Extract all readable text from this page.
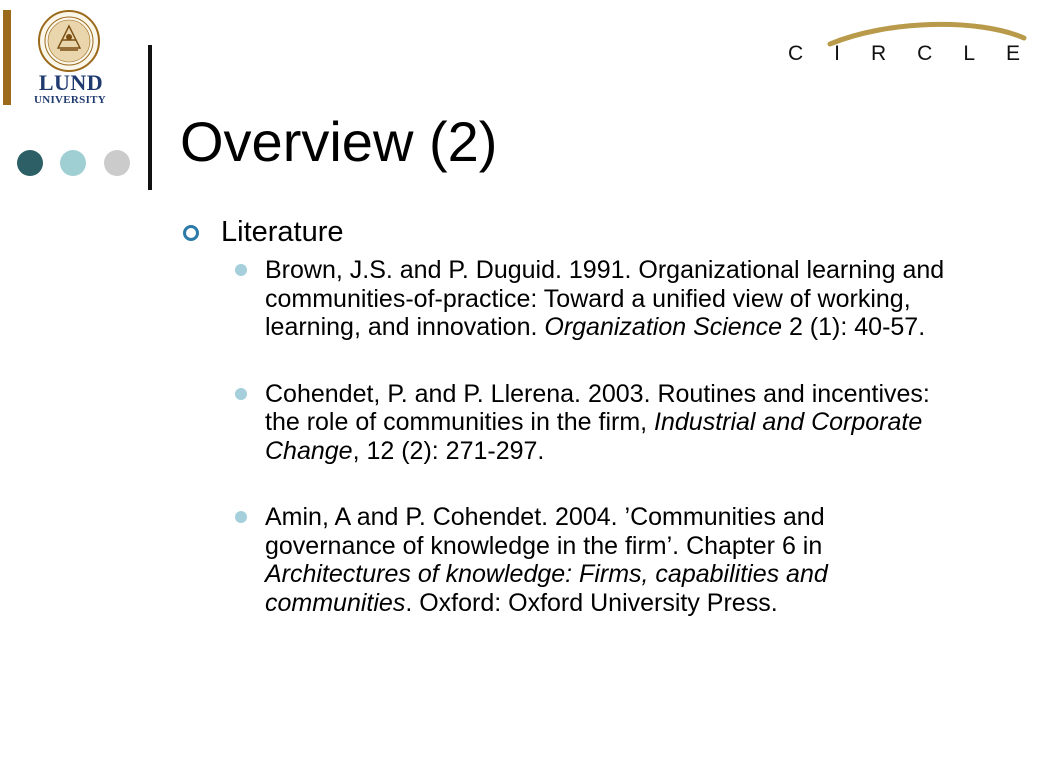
LUND
UNIVERSITY
CIRCLE
Overview (2)
Literature
Brown, J.S. and P. Duguid. 1991. Organizational learning and communities-of-practice: Toward a unified view of working, learning, and innovation. Organization Science 2 (1): 40-57.
Cohendet, P. and P. Llerena. 2003. Routines and incentives: the role of communities in the firm, Industrial and Corporate Change, 12 (2): 271-297.
Amin, A and P. Cohendet. 2004. ’Communities and governance of knowledge in the firm’. Chapter 6 in Architectures of knowledge: Firms, capabilities and communities. Oxford: Oxford University Press.
